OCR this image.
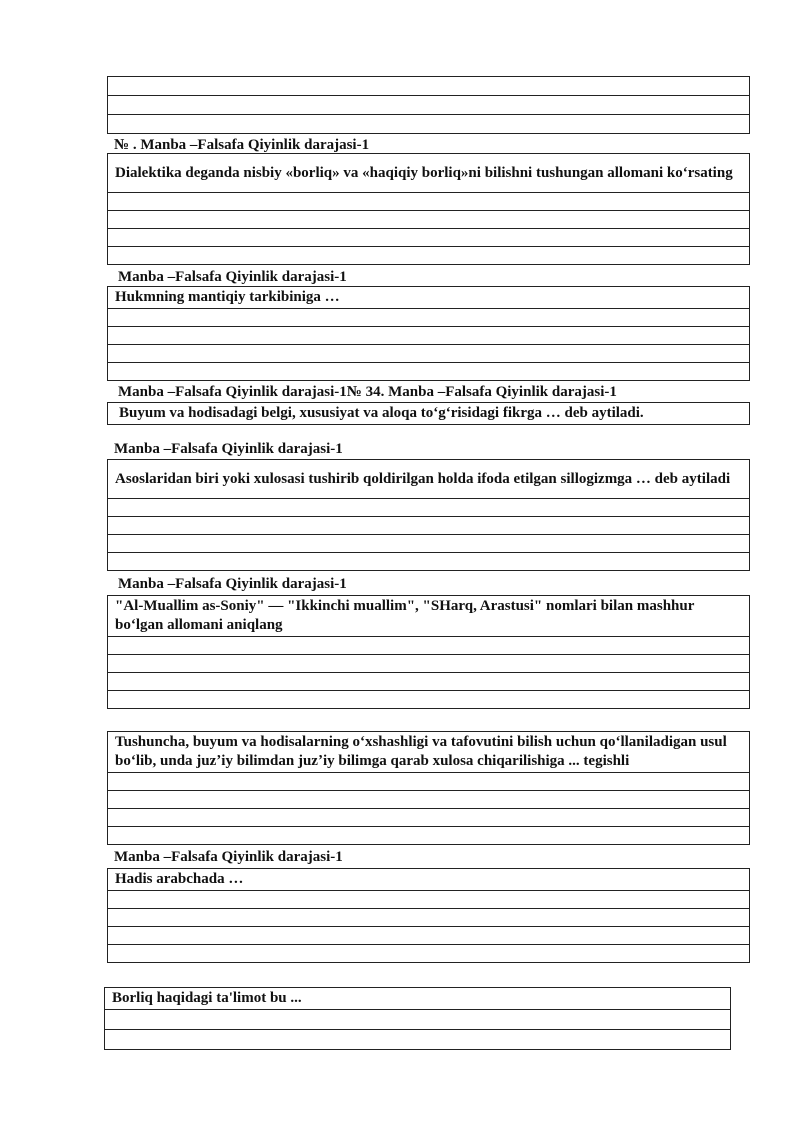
№ . Manba –Falsafa Qiyinlik darajasi-1
Dialektika deganda nisbiy «borliq» va «haqiqiy borliq»ni bilishni tushungan allomani koʻrsating

Manba –Falsafa Qiyinlik darajasi-1
Hukmning mantiqiy tarkibiniga …

Manba –Falsafa Qiyinlik darajasi-1№ 34. Manba –Falsafa Qiyinlik darajasi-1
Buyum va hodisadagi belgi, xususiyat va aloqa toʻgʻrisidagi fikrga … deb aytiladi.
Manba –Falsafa Qiyinlik darajasi-1
Asoslaridan biri yoki xulosasi tushirib qoldirilgan holda ifoda etilgan sillogizmga … deb aytiladi

Manba –Falsafa Qiyinlik darajasi-1
"Al-Muallim as-Soniy" — "Ikkinchi muallim", "SHarq, Arastusi" nomlari bilan mashhur boʻlgan allomani aniqlang

Tushuncha, buyum va hodisalarning oʻxshashligi va tafovutini bilish uchun qoʻllaniladigan usul boʻlib, unda juzʼiy bilimdan juzʼiy bilimga qarab xulosa chiqarilishiga ... tegishli

Manba –Falsafa Qiyinlik darajasi-1
Hadis arabchada …

Borliq haqidagi ta'limot bu ...
